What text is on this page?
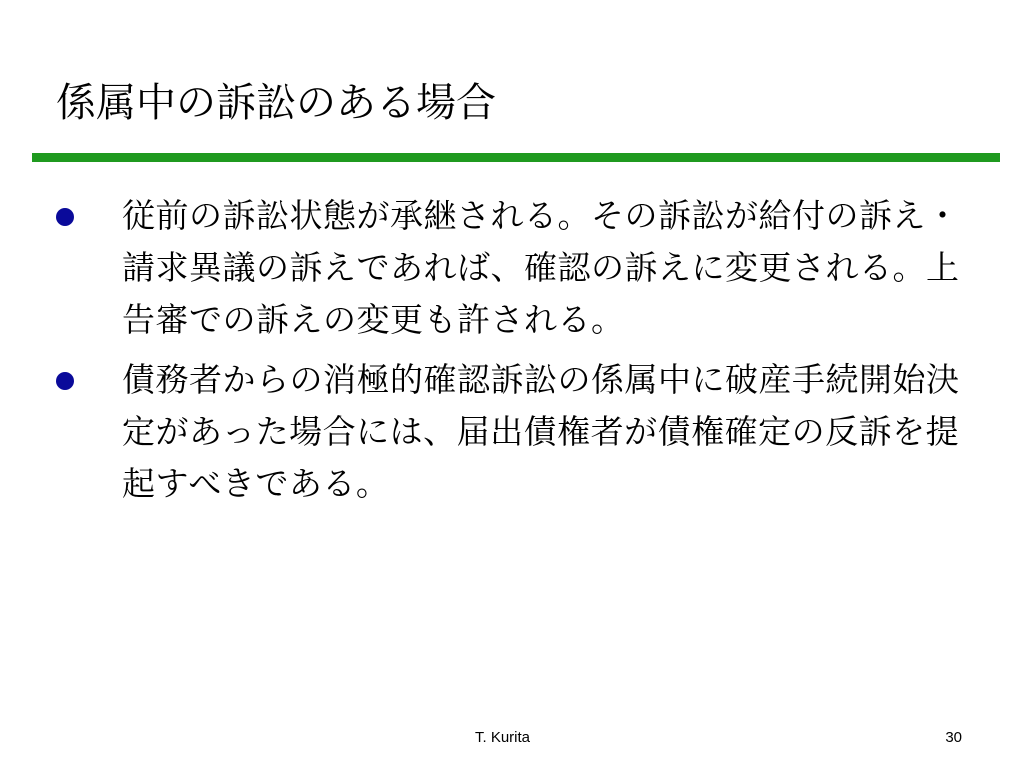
係属中の訴訟のある場合
従前の訴訟状態が承継される。その訴訟が給付の訴え・請求異議の訴えであれば、確認の訴えに変更される。上告審での訴えの変更も許される。
債務者からの消極的確認訴訟の係属中に破産手続開始決定があった場合には、届出債権者が債権確定の反訴を提起すべきである。
T. Kurita	30
